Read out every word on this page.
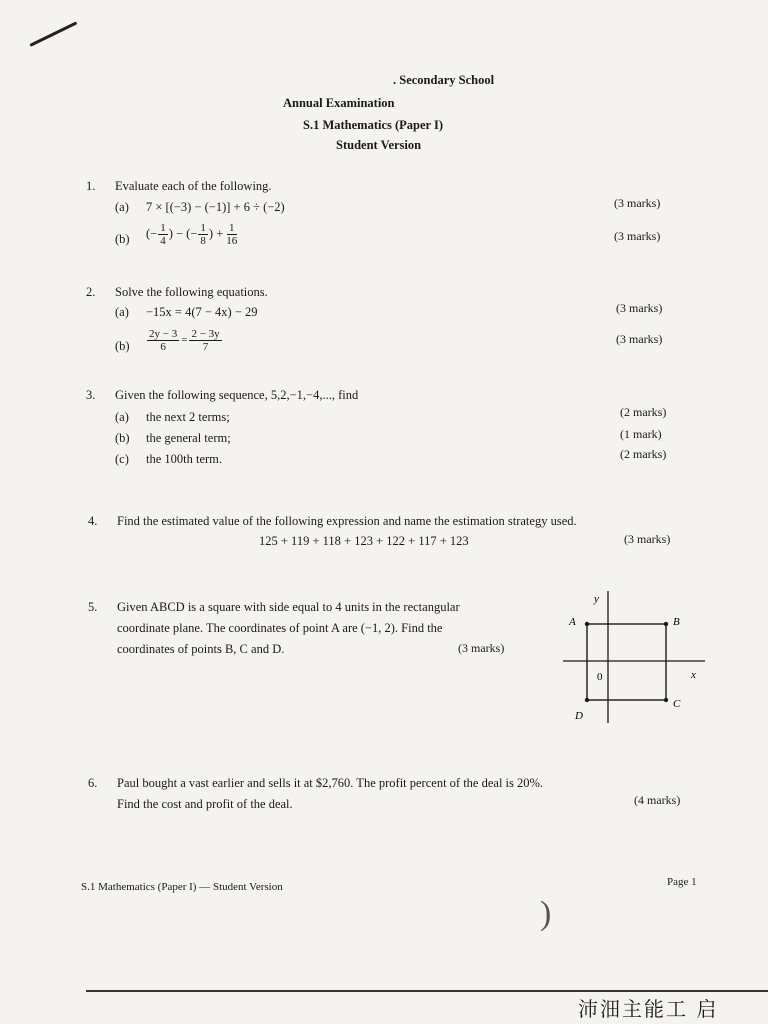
. Secondary School
Annual Examination
S.1 Mathematics (Paper I)
Student Version
1. Evaluate each of the following.
(a) 7 × [(−3) − (−1)] + 6 ÷ (−2)	(3 marks)
(b) (− $\frac{1}{4}$ ) − (− $\frac{1}{8}$ ) + $\frac{1}{16}$	(3 marks)
2. Solve the following equations.
(a) −15x = 4(7 − 4x) − 29	(3 marks)
$(b) \frac{2y - 3}{6} = \frac{2 - 3y}{7}$	(3 marks)
3. Given the following sequence, 5,2,−1,−4,..., find
(a) the next 2 terms;	(2 marks)
(b) the general term;	(1 mark)
(c) the 100th term.	(2 marks)
4. Find the estimated value of the following expression and name the estimation strategy used.
125 + 119 + 118 + 123 + 122 + 117 + 123	(3 marks)
5. Given ABCD is a square with side equal to 4 units in the rectangular
coordinate plane. The coordinates of point A are (−1, 2). Find the
coordinates of points B, C and D.	(3 marks)
y
x
0
A	B
C
D
6. Paul bought a vast earlier and sells it at $2,760. The profit percent of the deal is 20%.
Find the cost and profit of the deal.	(4 marks)
S.1 Mathematics (Paper I) — Student Version	Page 1
)
沛沺主能工 启
